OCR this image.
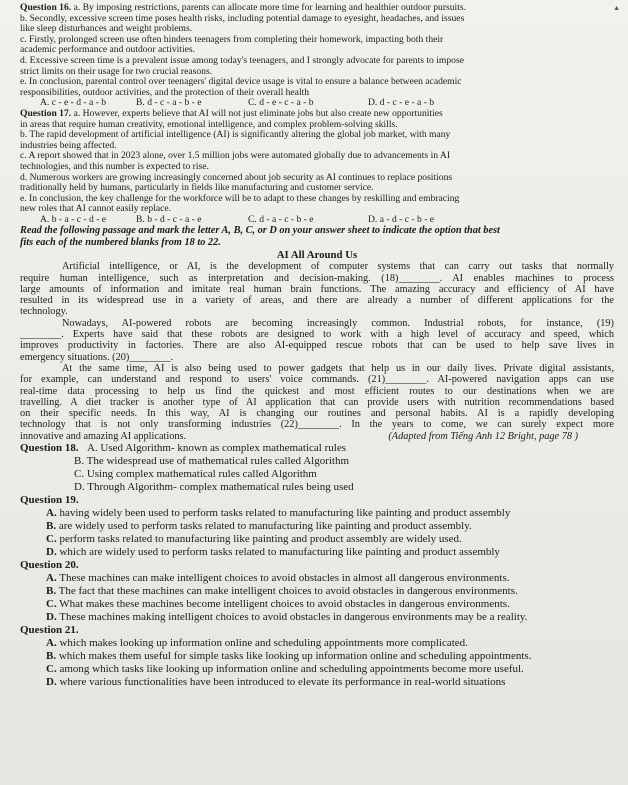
▲
Question 16. a. By imposing restrictions, parents can allocate more time for learning and healthier outdoor pursuits.
b. Secondly, excessive screen time poses health risks, including potential damage to eyesight, headaches, and issues
like sleep disturbances and weight problems.
c. Firstly, prolonged screen use often hinders teenagers from completing their homework, impacting both their
academic performance and outdoor activities.
d. Excessive screen time is a prevalent issue among today's teenagers, and I strongly advocate for parents to impose
strict limits on their usage for two crucial reasons.
e. In conclusion, parental control over teenagers' digital device usage is vital to ensure a balance between academic
responsibilities, outdoor activities, and the protection of their overall health
A. c - e - d - a - b	B. d - c - a - b - e	C. d - e - c - a - b	D. d - c - e - a - b
Question 17. a. However, experts believe that AI will not just eliminate jobs but also create new opportunities
in areas that require human creativity, emotional intelligence, and complex problem-solving skills.
b. The rapid development of artificial intelligence (AI) is significantly altering the global job market, with many
industries being affected.
c. A report showed that in 2023 alone, over 1.5 million jobs were automated globally due to advancements in AI
technologies, and this number is expected to rise.
d. Numerous workers are growing increasingly concerned about job security as AI continues to replace positions
traditionally held by humans, particularly in fields like manufacturing and customer service.
e. In conclusion, the key challenge for the workforce will be to adapt to these changes by reskilling and embracing
new roles that AI cannot easily replace.
A. b - a - c - d - e	B. b - d - c - a - e	C. d - a - c - b - e	D. a - d - c - b - e
Read the following passage and mark the letter A, B, C, or D on your answer sheet to indicate the option that best
fits each of the numbered blanks from 18 to 22.
AI All Around Us
Artificial intelligence, or AI, is the development of computer systems that can carry out tasks that normally
require human intelligence, such as interpretation and decision-making. (18)________. AI enables machines to process
large amounts of information and imitate real human brain functions. The amazing accuracy and efficiency of AI have
resulted in its widespread use in a variety of areas, and there are already a number of different applications for the
technology.
Nowadays, AI-powered robots are becoming increasingly common. Industrial robots, for instance, (19)
________. Experts have said that these robots are designed to work with a high level of accuracy and speed, which
improves productivity in factories. There are also AI-equipped rescue robots that can be used to help save lives in
emergency situations. (20)________.
At the same time, AI is also being used to power gadgets that help us in our daily lives. Private digital assistants,
for example, can understand and respond to users' voice commands. (21)________. AI-powered navigation apps can use
real-time data processing to help us find the quickest and most efficient routes to our destinations when we are
travelling. A diet tracker is another type of AI application that can provide users with nutrition recommendations based
on their specific needs. In this way, AI is changing our routines and personal habits. AI is a rapidly developing
technology that is not only transforming industries (22)________. In the years to come, we can surely expect more
innovative and amazing AI applications.	(Adapted from Tiếng Anh 12 Bright, page 78 )
Question 18. A. Used Algorithm- known as complex mathematical rules
B. The widespread use of mathematical rules called Algorithm
C. Using complex mathematical rules called Algorithm
D. Through Algorithm- complex mathematical rules being used
Question 19.
A. having widely been used to perform tasks related to manufacturing like painting and product assembly
B. are widely used to perform tasks related to manufacturing like painting and product assembly.
C. perform tasks related to manufacturing like painting and product assembly are widely used.
D. which are widely used to perform tasks related to manufacturing like painting and product assembly
Question 20.
A. These machines can make intelligent choices to avoid obstacles in almost all dangerous environments.
B. The fact that these machines can make intelligent choices to avoid obstacles in dangerous environments.
C. What makes these machines become intelligent choices to avoid obstacles in dangerous environments.
D. These machines making intelligent choices to avoid obstacles in dangerous environments may be a reality.
Question 21.
A. which makes looking up information online and scheduling appointments more complicated.
B. which makes them useful for simple tasks like looking up information online and scheduling appointments.
C. among which tasks like looking up information online and scheduling appointments become more useful.
D. where various functionalities have been introduced to elevate its performance in real-world situations
